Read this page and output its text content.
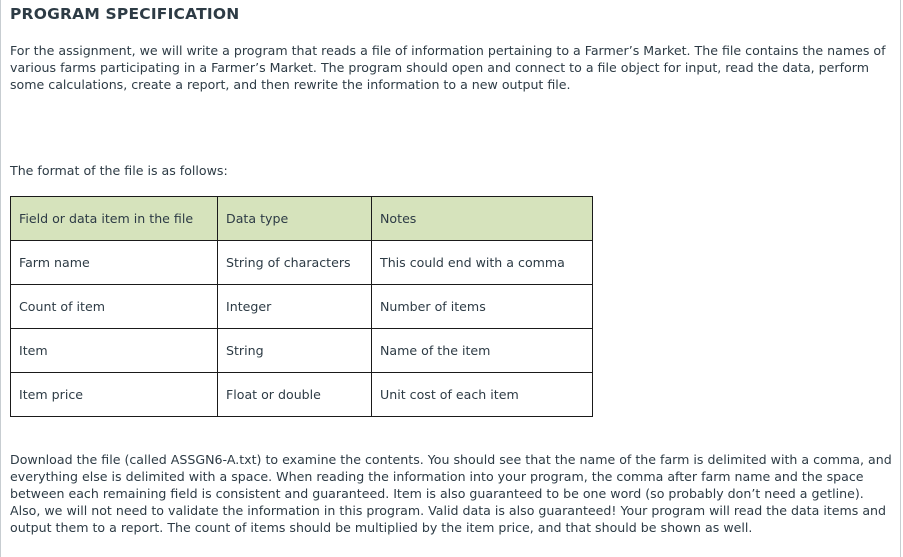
PROGRAM SPECIFICATION

For the assignment, we will write a program that reads a file of information pertaining to a Farmer’s Market. The file contains the names of various farms participating in a Farmer’s Market. The program should open and connect to a file object for input, read the data, perform some calculations, create a report, and then rewrite the information to a new output file.

The format of the file is as follows:

Field or data item in the file	Data type	Notes
Farm name	String of characters	This could end with a comma
Count of item	Integer	Number of items
Item	String	Name of the item
Item price	Float or double	Unit cost of each item

Download the file (called ASSGN6-A.txt) to examine the contents. You should see that the name of the farm is delimited with a comma, and everything else is delimited with a space. When reading the information into your program, the comma after farm name and the space between each remaining field is consistent and guaranteed. Item is also guaranteed to be one word (so probably don’t need a getline). Also, we will not need to validate the information in this program. Valid data is also guaranteed! Your program will read the data items and output them to a report. The count of items should be multiplied by the item price, and that should be shown as well.
